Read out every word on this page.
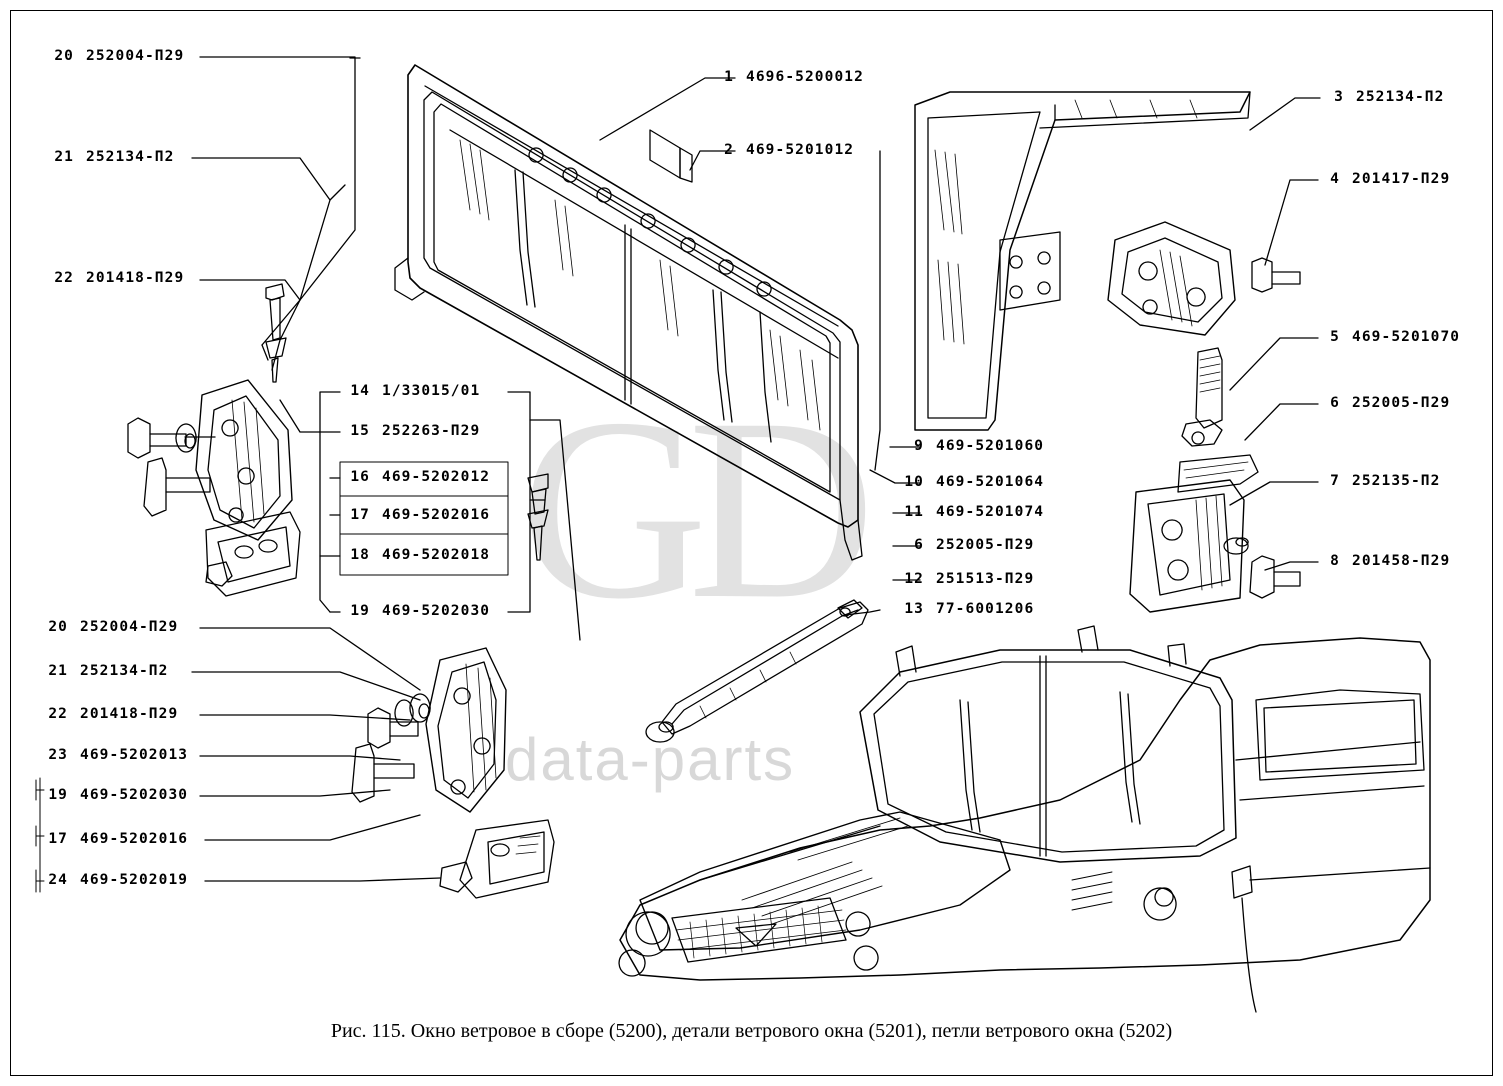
GD
data-parts
20 252004-П29
21 252134-П2
22 201418-П29
14 1/33015/01
15 252263-П29
16 469-5202012
17 469-5202016
18 469-5202018
19 469-5202030
20 252004-П29
21 252134-П2
22 201418-П29
23 469-5202013
19 469-5202030
17 469-5202016
24 469-5202019
1 4696-5200012
2 469-5201012
9 469-5201060
10 469-5201064
11 469-5201074
6 252005-П29
12 251513-П29
13 77-6001206
3 252134-П2
4 201417-П29
5 469-5201070
6 252005-П29
7 252135-П2
8 201458-П29
Рис. 115. Окно ветровое в сборе (5200), детали ветрового окна (5201), петли ветрового окна (5202)
